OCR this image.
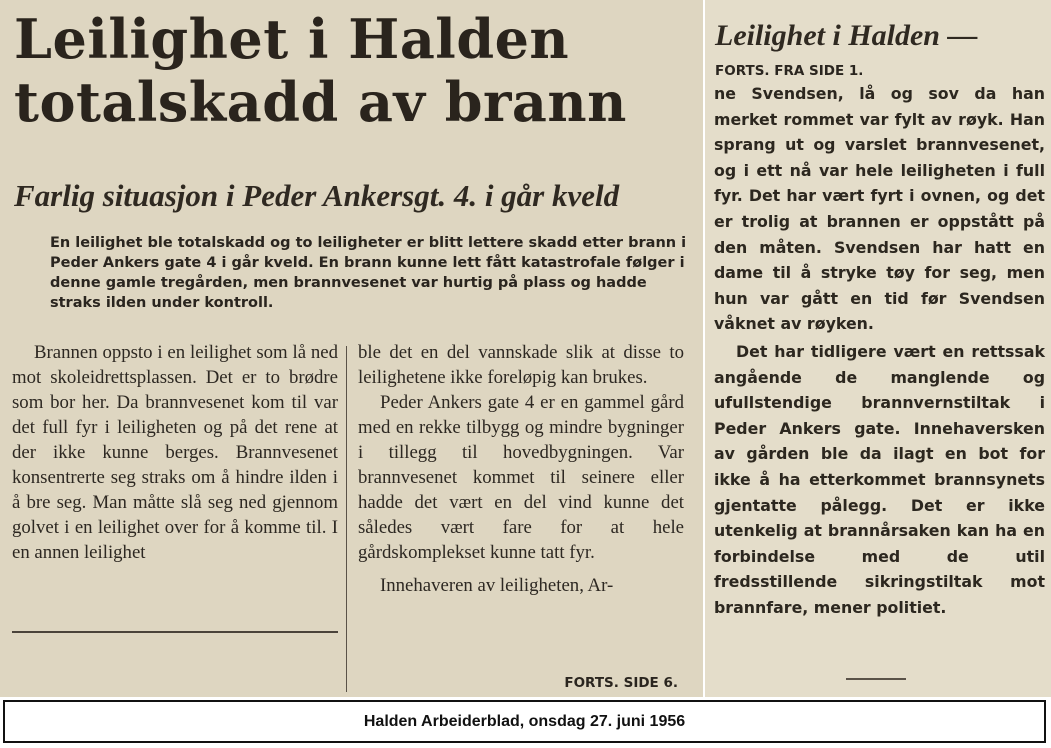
Leilighet i Halden
totalskadd av brann
Farlig situasjon i Peder Ankersgt. 4. i går kveld

En leilighet ble totalskadd og to leiligheter er blitt lettere skadd etter brann i Peder Ankers gate 4 i går kveld. En brann kunne lett fått katastrofale følger i denne gamle tregården, men brannvesenet var hurtig på plass og hadde straks ilden under kontroll.

Brannen oppsto i en leilighet som lå ned mot skoleidrettsplassen. Det er to brødre som bor her. Da brannvesenet kom til var det full fyr i leiligheten og på det rene at der ikke kunne berges. Brannvesenet konsentrerte seg straks om å hindre ilden i å bre seg. Man måtte slå seg ned gjennom golvet i en leilighet over for å komme til. I en annen leilighet

ble det en del vannskade slik at disse to leilighetene ikke foreløpig kan brukes.

Peder Ankers gate 4 er en gammel gård med en rekke tilbygg og mindre bygninger i tillegg til hovedbygningen. Var brannvesenet kommet til seinere eller hadde det vært en del vind kunne det således vært fare for at hele gårdskomplekset kunne tatt fyr.

Innehaveren av leiligheten, Ar-

FORTS. SIDE 6.

Leilighet i Halden —

FORTS. FRA SIDE 1.

ne Svendsen, lå og sov da han merket rommet var fylt av røyk. Han sprang ut og varslet brannvesenet, og i ett nå var hele leiligheten i full fyr. Det har vært fyrt i ovnen, og det er trolig at brannen er oppstått på den måten. Svendsen har hatt en dame til å stryke tøy for seg, men hun var gått en tid før Svendsen våknet av røyken.

Det har tidligere vært en rettssak angående de manglende og ufullstendige brannvernstiltak i Peder Ankers gate. Innehaversken av gården ble da ilagt en bot for ikke å ha etterkommet brannsynets gjentatte pålegg. Det er ikke utenkelig at brannårsaken kan ha en forbindelse med de util fredsstillende sikringstiltak mot brannfare, mener politiet.

Halden Arbeiderblad, onsdag 27. juni 1956
